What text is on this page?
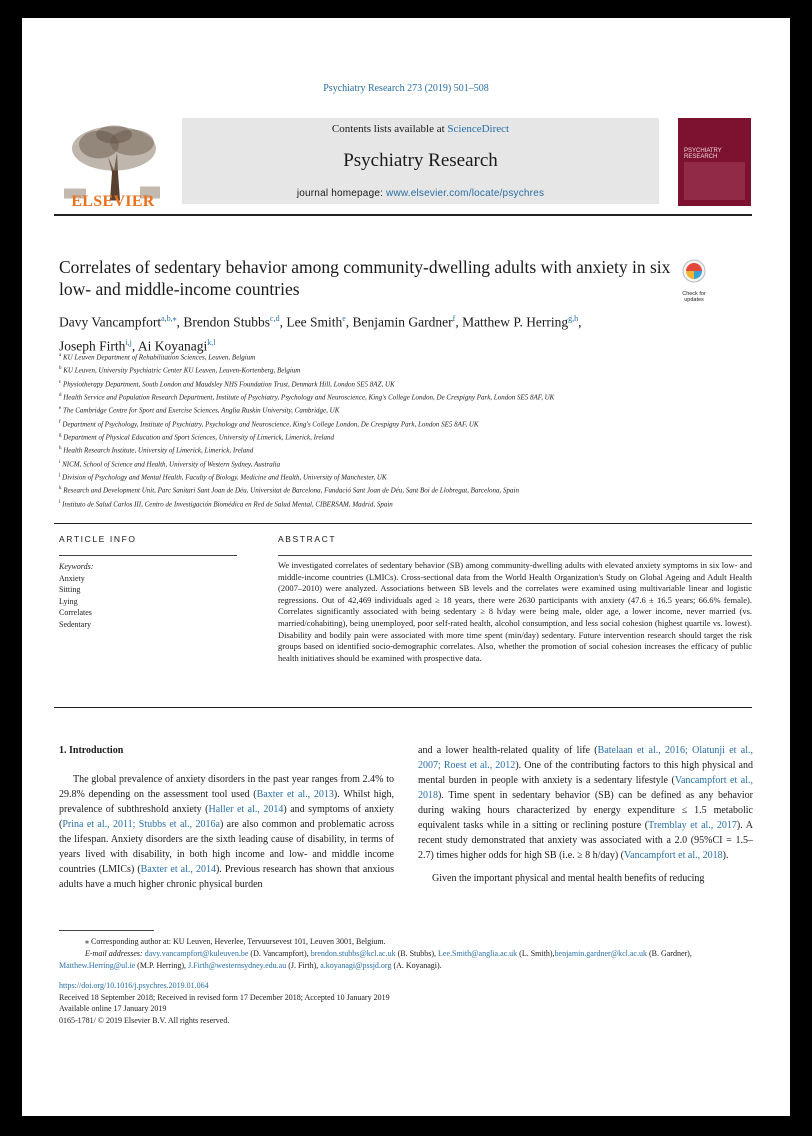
Psychiatry Research 273 (2019) 501–508
ELSEVIER
Contents lists available at ScienceDirect
Psychiatry Research
journal homepage: www.elsevier.com/locate/psychres
PSYCHIATRY RESEARCH
Correlates of sedentary behavior among community-dwelling adults with anxiety in six low- and middle-income countries	Check for updates
Davy Vancampfort$^{a,b,⁎}$, Brendon Stubbs$^{c,d}$, Lee Smith$^e$, Benjamin Gardner$^f$, Matthew P. Herring$^{g,h}$,
Joseph Firth$^{i,j}$, Ai Koyanagi$^{k,l}$
$^a$ KU Leuven Department of Rehabilitation Sciences, Leuven, Belgium
$^b$ KU Leuven, University Psychiatric Center KU Leuven, Leuven-Kortenberg, Belgium
$^c$ Physiotherapy Department, South London and Maudsley NHS Foundation Trust, Denmark Hill, London SE5 8AZ, UK
$^d$ Health Service and Population Research Department, Institute of Psychiatry, Psychology and Neuroscience, King's College London, De Crespigny Park, London SE5 8AF, UK
$^e$ The Cambridge Centre for Sport and Exercise Sciences, Anglia Ruskin University, Cambridge, UK
$^f$ Department of Psychology, Institute of Psychiatry, Psychology and Neuroscience, King's College London, De Crespigny Park, London SE5 8AF, UK
$^g$ Department of Physical Education and Sport Sciences, University of Limerick, Limerick, Ireland
$^h$ Health Research Institute, University of Limerick, Limerick, Ireland
$^i$ NICM, School of Science and Health, University of Western Sydney, Australia
$^j$ Division of Psychology and Mental Health, Faculty of Biology, Medicine and Health, University of Manchester, UK
$^k$ Research and Development Unit, Parc Sanitari Sant Joan de Déu, Universitat de Barcelona, Fundació Sant Joan de Déu, Sant Boi de Llobregat, Barcelona, Spain
$^l$ Instituto de Salud Carlos III, Centro de Investigación Biomédica en Red de Salud Mental, CIBERSAM, Madrid, Spain
ARTICLE INFO	ABSTRACT
Keywords:
Anxiety
Sitting
Lying
Correlates
Sedentary
We investigated correlates of sedentary behavior (SB) among community-dwelling adults with elevated anxiety symptoms in six low- and middle-income countries (LMICs). Cross-sectional data from the World Health Organization's Study on Global Ageing and Adult Health (2007–2010) were analyzed. Associations between SB levels and the correlates were examined using multivariable linear and logistic regressions. Out of 42,469 individuals aged ≥ 18 years, there were 2630 participants with anxiety (47.6 ± 16.5 years; 66.6% female). Correlates significantly associated with being sedentary ≥ 8 h/day were being male, older age, a lower income, never married (vs. married/cohabiting), being unemployed, poor self-rated health, alcohol consumption, and less social cohesion (highest quartile vs. lowest). Disability and bodily pain were associated with more time spent (min/day) sedentary. Future intervention research should target the risk groups based on identified socio-demographic correlates. Also, whether the promotion of social cohesion increases the efficacy of public health initiatives should be examined with prospective data.

1. Introduction

The global prevalence of anxiety disorders in the past year ranges from 2.4% to 29.8% depending on the assessment tool used (Baxter et al., 2013). Whilst high, prevalence of subthreshold anxiety (Haller et al., 2014) and symptoms of anxiety (Prina et al., 2011; Stubbs et al., 2016a) are also common and problematic across the lifespan. Anxiety disorders are the sixth leading cause of disability, in terms of years lived with disability, in both high income and low- and middle income countries (LMICs) (Baxter et al., 2014). Previous research has shown that anxious adults have a much higher chronic physical burden

and a lower health-related quality of life (Batelaan et al., 2016; Olatunji et al., 2007; Roest et al., 2012). One of the contributing factors to this high physical and mental burden in people with anxiety is a sedentary lifestyle (Vancampfort et al., 2018). Time spent in sedentary behavior (SB) can be defined as any behavior during waking hours characterized by energy expenditure ≤ 1.5 metabolic equivalent tasks while in a sitting or reclining posture (Tremblay et al., 2017). A recent study demonstrated that anxiety was associated with a 2.0 (95%CI = 1.5–2.7) times higher odds for high SB (i.e. ≥ 8 h/day) (Vancampfort et al., 2018).

Given the important physical and mental health benefits of reducing

⁎ Corresponding author at: KU Leuven, Heverlee, Tervuursevest 101, Leuven 3001, Belgium.
E-mail addresses: davy.vancampfort@kuleuven.be (D. Vancampfort), brendon.stubbs@kcl.ac.uk (B. Stubbs), Lee.Smith@anglia.ac.uk (L. Smith),benjamin.gardner@kcl.ac.uk (B. Gardner), Matthew.Herring@ul.ie (M.P. Herring), J.Firth@westernsydney.edu.au (J. Firth), a.koyanagi@pssjd.org (A. Koyanagi).
https://doi.org/10.1016/j.psychres.2019.01.064
Received 18 September 2018; Received in revised form 17 December 2018; Accepted 10 January 2019
Available online 17 January 2019
0165-1781/ © 2019 Elsevier B.V. All rights reserved.
